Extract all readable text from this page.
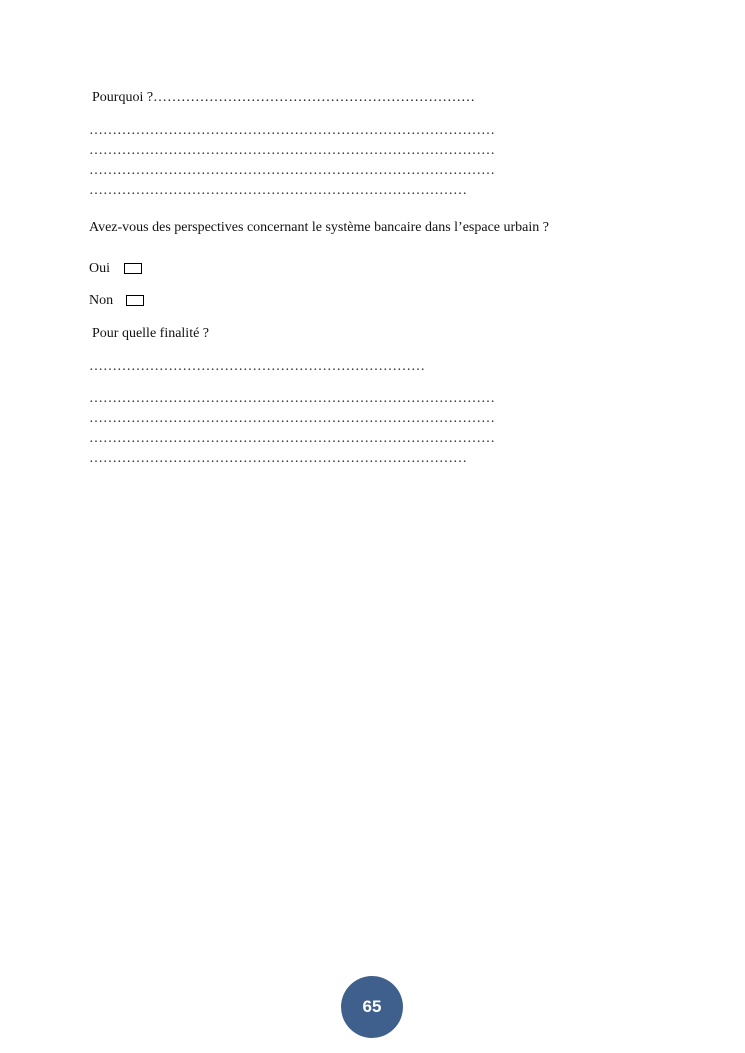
Pourquoi ?……………………………………………………………
……………………………………………………………………………
……………………………………………………………………………
……………………………………………………………………………
………………………………………………………………………
Avez-vous des perspectives concernant le système bancaire dans l’espace urbain ?
Oui
Non
Pour quelle finalité ?
………………………………………………………………
……………………………………………………………………………
……………………………………………………………………………
……………………………………………………………………………
………………………………………………………………………
65
